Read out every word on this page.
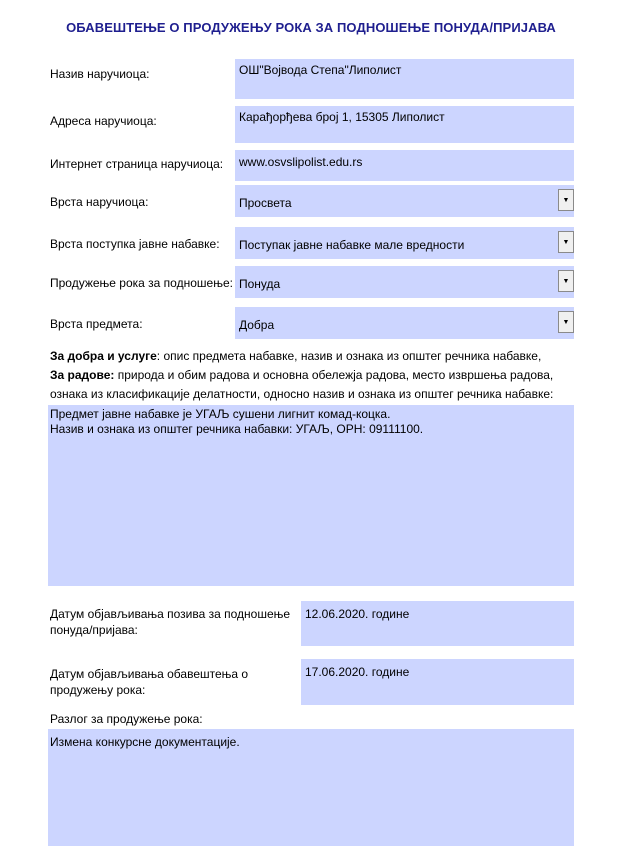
ОБАВЕШТЕЊЕ О ПРОДУЖЕЊУ РОКА ЗА ПОДНОШЕЊЕ ПОНУДА/ПРИЈАВА
Назив наручиоца:	ОШ"Војвода Степа"Липолист
Адреса наручиоца:	Карађорђева број 1, 15305 Липолист
Интернет страница наручиоца:	www.osvslipolist.edu.rs
Врста наручиоца:	Просвета	▼
Врста поступка јавне набавке: Поступак јавне набавке мале вредности	▼
Продужење рока за подношење: Понуда	▼
Врста предмета:	Добра	▼
За добра и услуге: опис предмета набавке, назив и ознака из општег речника набавке,
За радове: природа и обим радова и основна обележја радова, место извршења радова,
ознака из класификације делатности, односно назив и ознака из општег речника набавке:
Предмет јавне набавке је УГАЉ сушени лигнит комад-коцка.
Назив и ознака из општег речника набавки: УГАЉ, ОРН: 09111100.
Датум објављивања позива за подношење
понуда/пријава:
12.06.2020. године
Датум објављивања обавештења о
продужењу рока:
17.06.2020. године
Разлог за продужење рока:
Измена конкурсне документације.
